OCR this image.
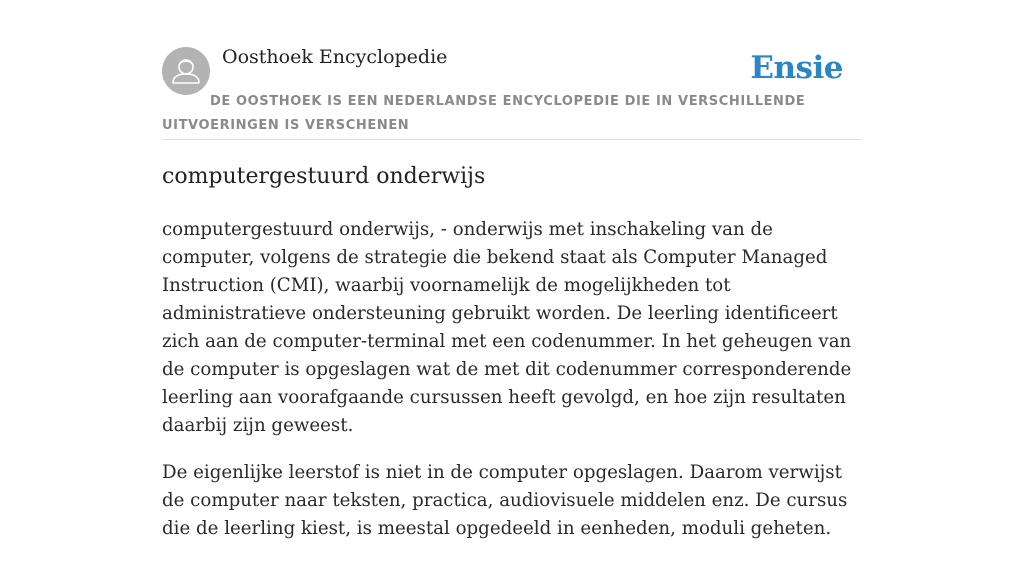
Oosthoek Encyclopedie	Ensie
DE OOSTHOEK IS EEN NEDERLANDSE ENCYCLOPEDIE DIE IN VERSCHILLENDE UITVOERINGEN IS VERSCHENEN
computergestuurd onderwijs

computergestuurd onderwijs, - onderwijs met inschakeling van de computer, volgens de strategie die bekend staat als Computer Managed Instruction (CMI), waarbij voornamelijk de mogelijkheden tot administratieve ondersteuning gebruikt worden. De leerling identificeert zich aan de computer-terminal met een codenummer. In het geheugen van de computer is opgeslagen wat de met dit codenummer corresponderende leerling aan voorafgaande cursussen heeft gevolgd, en hoe zijn resultaten daarbij zijn geweest.

De eigenlijke leerstof is niet in de computer opgeslagen. Daarom verwijst de computer naar teksten, practica, audiovisuele middelen enz. De cursus die de leerling kiest, is meestal opgedeeld in eenheden, moduli geheten.
